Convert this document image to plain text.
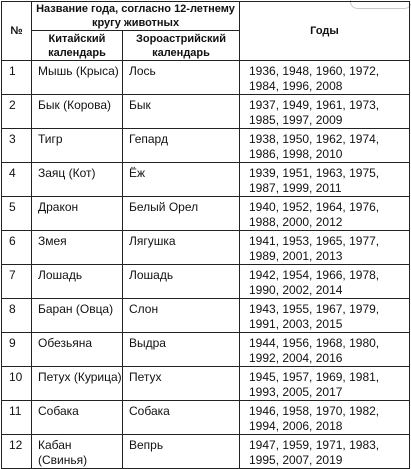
№	Название года, согласно 12-летнему кругу животных		Годы
	Китайский календарь	Зороастрийский календарь	
1	Мышь (Крыса)	Лось	1936, 1948, 1960, 1972,
1984, 1996, 2008

2	Бык (Корова)	Бык	1937, 1949, 1961, 1973,
1985, 1997, 2009

3	Тигр	Гепард	1938, 1950, 1962, 1974,
1986, 1998, 2010

4	Заяц (Кот)	Ёж	1939, 1951, 1963, 1975,
1987, 1999, 2011

5	Дракон	Белый Орел	1940, 1952, 1964, 1976,
1988, 2000, 2012

6	Змея	Лягушка	1941, 1953, 1965, 1977,
1989, 2001, 2013

7	Лошадь	Лошадь	1942, 1954, 1966, 1978,
1990, 2002, 2014

8	Баран (Овца)	Слон	1943, 1955, 1967, 1979,
1991, 2003, 2015

9	Обезьяна	Выдра	1944, 1956, 1968, 1980,
1992, 2004, 2016

10	Петух (Курица)	Петух	1945, 1957, 1969, 1981,
1993, 2005, 2017

11	Собака	Собака	1946, 1958, 1970, 1982,
1994, 2006, 2018

12	Кабан (Свинья)	Вепрь	1947, 1959, 1971, 1983,
1995, 2007, 2019
